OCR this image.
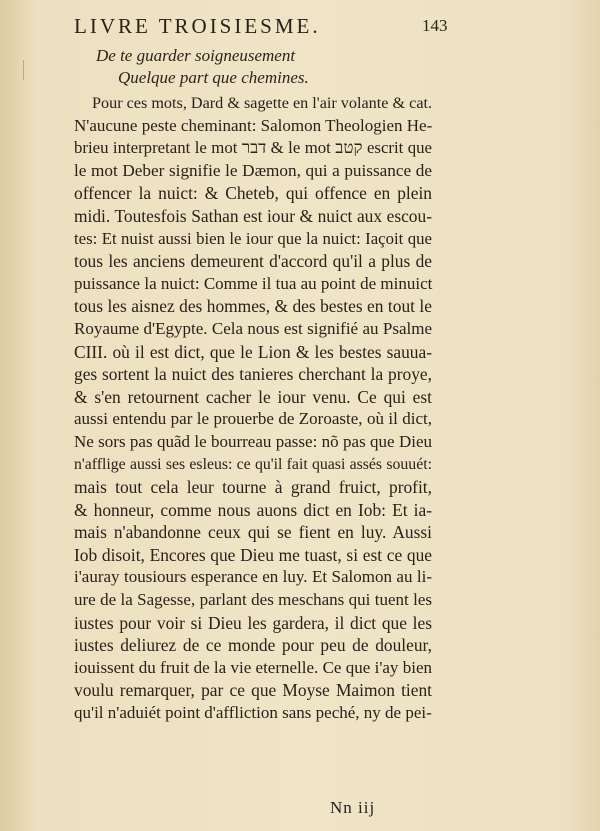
LIVRE TROISIESME.	143
De te guarder soigneusement
Quelque part que chemines.
Pour ces mots, Dard & sagette en l'air volante & cat.
N'aucune peste cheminant: Salomon Theologien He-
brieu interpretant le mot דבר & le mot קטב escrit que
le mot Deber signifie le Dæmon, qui a puissance de
offencer la nuict: & Cheteb, qui offence en plein
midi. Toutesfois Sathan est iour & nuict aux escou-
tes: Et nuist aussi bien le iour que la nuict: Iaçoit que
tous les anciens demeurent d'accord qu'il a plus de
puissance la nuict: Comme il tua au point de minuict
tous les aisnez des hommes, & des bestes en tout le
Royaume d'Egypte. Cela nous est signifié au Psalme
CIII. où il est dict, que le Lion & les bestes sauua-
ges sortent la nuict des tanieres cherchant la proye,
& s'en retournent cacher le iour venu. Ce qui est
aussi entendu par le prouerbe de Zoroaste, où il dict,
Ne sors pas quãd le bourreau passe: nõ pas que Dieu
n'afflige aussi ses esleus: ce qu'il fait quasi assés souuét:
mais tout cela leur tourne à grand fruict, profit,
& honneur, comme nous auons dict en Iob: Et ia-
mais n'abandonne ceux qui se fient en luy. Aussi
Iob disoit, Encores que Dieu me tuast, si est ce que
i'auray tousiours esperance en luy. Et Salomon au li-
ure de la Sagesse, parlant des meschans qui tuent les
iustes pour voir si Dieu les gardera, il dict que les
iustes deliurez de ce monde pour peu de douleur,
iouissent du fruit de la vie eternelle. Ce que i'ay bien
voulu remarquer, par ce que Moyse Maimon tient
qu'il n'aduiét point d'affliction sans peché, ny de pei-
Nn iij
